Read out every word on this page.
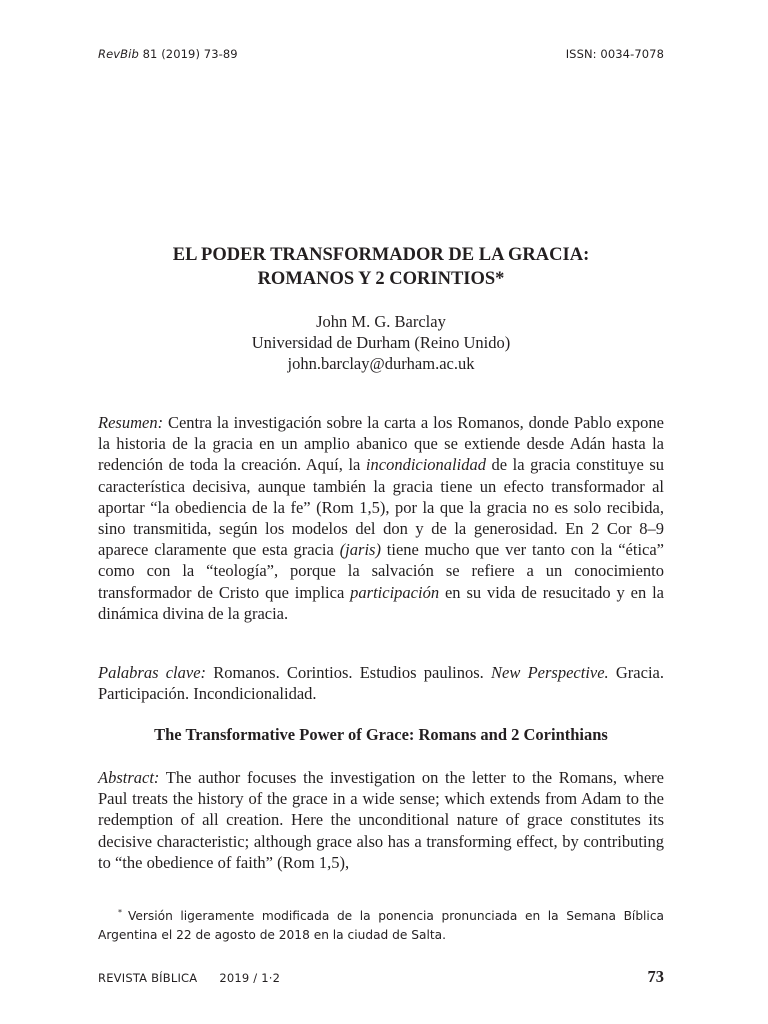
RevBib 81 (2019) 73-89	ISSN: 0034-7078
EL PODER TRANSFORMADOR DE LA GRACIA:
ROMANOS Y 2 CORINTIOS*
John M. G. Barclay
Universidad de Durham (Reino Unido)
john.barclay@durham.ac.uk

Resumen: Centra la investigación sobre la carta a los Romanos, donde Pablo expone la historia de la gracia en un amplio abanico que se extiende desde Adán hasta la redención de toda la creación. Aquí, la incondicionalidad de la gracia constituye su característica decisiva, aunque también la gracia tiene un efecto transformador al aportar “la obediencia de la fe” (Rom 1,5), por la que la gracia no es solo recibida, sino transmitida, según los modelos del don y de la generosidad. En 2 Cor 8–9 aparece claramente que esta gracia (jaris) tiene mucho que ver tanto con la “ética” como con la “teología”, porque la salvación se refiere a un conocimiento transformador de Cristo que implica participación en su vida de resucitado y en la dinámica divina de la gracia.

Palabras clave: Romanos. Corintios. Estudios paulinos. New Perspective. Gracia. Participación. Incondicionalidad.

The Transformative Power of Grace: Romans and 2 Corinthians

Abstract: The author focuses the investigation on the letter to the Romans, where Paul treats the history of the grace in a wide sense; which extends from Adam to the redemption of all creation. Here the unconditional nature of grace constitutes its decisive characteristic; although grace also has a transforming effect, by contributing to “the obedience of faith” (Rom 1,5),

* Versión ligeramente modificada de la ponencia pronunciada en la Semana Bíblica Argentina el 22 de agosto de 2018 en la ciudad de Salta.
REVISTA BÍBLICA 2019 / 1·2	73
